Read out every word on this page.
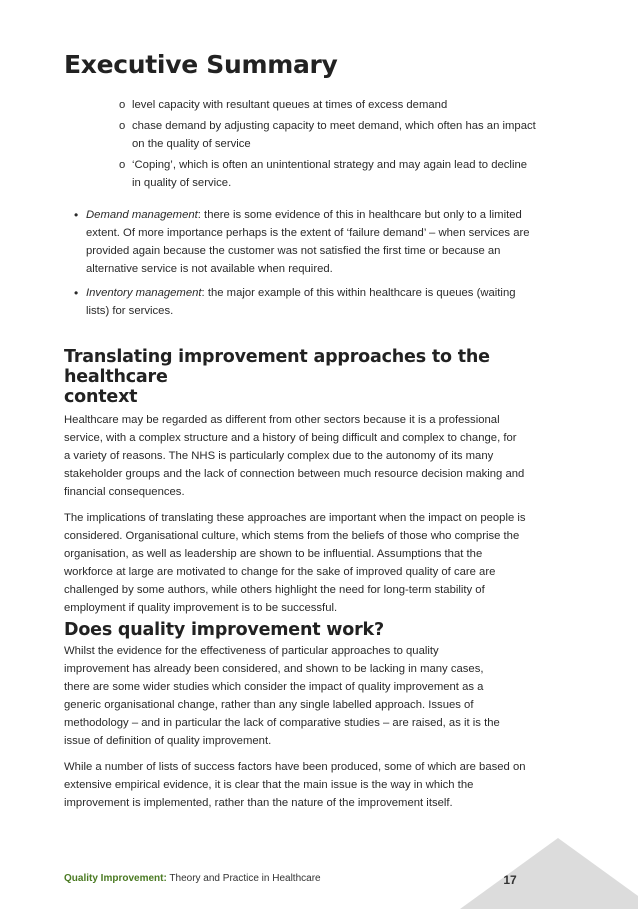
Executive Summary
o level capacity with resultant queues at times of excess demand
o chase demand by adjusting capacity to meet demand, which often has an impact
on the quality of service
o ‘Coping’, which is often an unintentional strategy and may again lead to decline
in quality of service.
• Demand management: there is some evidence of this in healthcare but only to a limited
extent. Of more importance perhaps is the extent of ‘failure demand’ – when services are
provided again because the customer was not satisfied the first time or because an
alternative service is not available when required.
• Inventory management: the major example of this within healthcare is queues (waiting
lists) for services.
Translating improvement approaches to the healthcare
context

Healthcare may be regarded as different from other sectors because it is a professional
service, with a complex structure and a history of being difficult and complex to change, for
a variety of reasons. The NHS is particularly complex due to the autonomy of its many
stakeholder groups and the lack of connection between much resource decision making and
financial consequences.

The implications of translating these approaches are important when the impact on people is
considered. Organisational culture, which stems from the beliefs of those who comprise the
organisation, as well as leadership are shown to be influential. Assumptions that the
workforce at large are motivated to change for the sake of improved quality of care are
challenged by some authors, while others highlight the need for long-term stability of
employment if quality improvement is to be successful.

Does quality improvement work?

Whilst the evidence for the effectiveness of particular approaches to quality
improvement has already been considered, and shown to be lacking in many cases,
there are some wider studies which consider the impact of quality improvement as a
generic organisational change, rather than any single labelled approach. Issues of
methodology – and in particular the lack of comparative studies – are raised, as it is the
issue of definition of quality improvement.

While a number of lists of success factors have been produced, some of which are based on
extensive empirical evidence, it is clear that the main issue is the way in which the
improvement is implemented, rather than the nature of the improvement itself.

Quality Improvement: Theory and Practice in Healthcare	17
